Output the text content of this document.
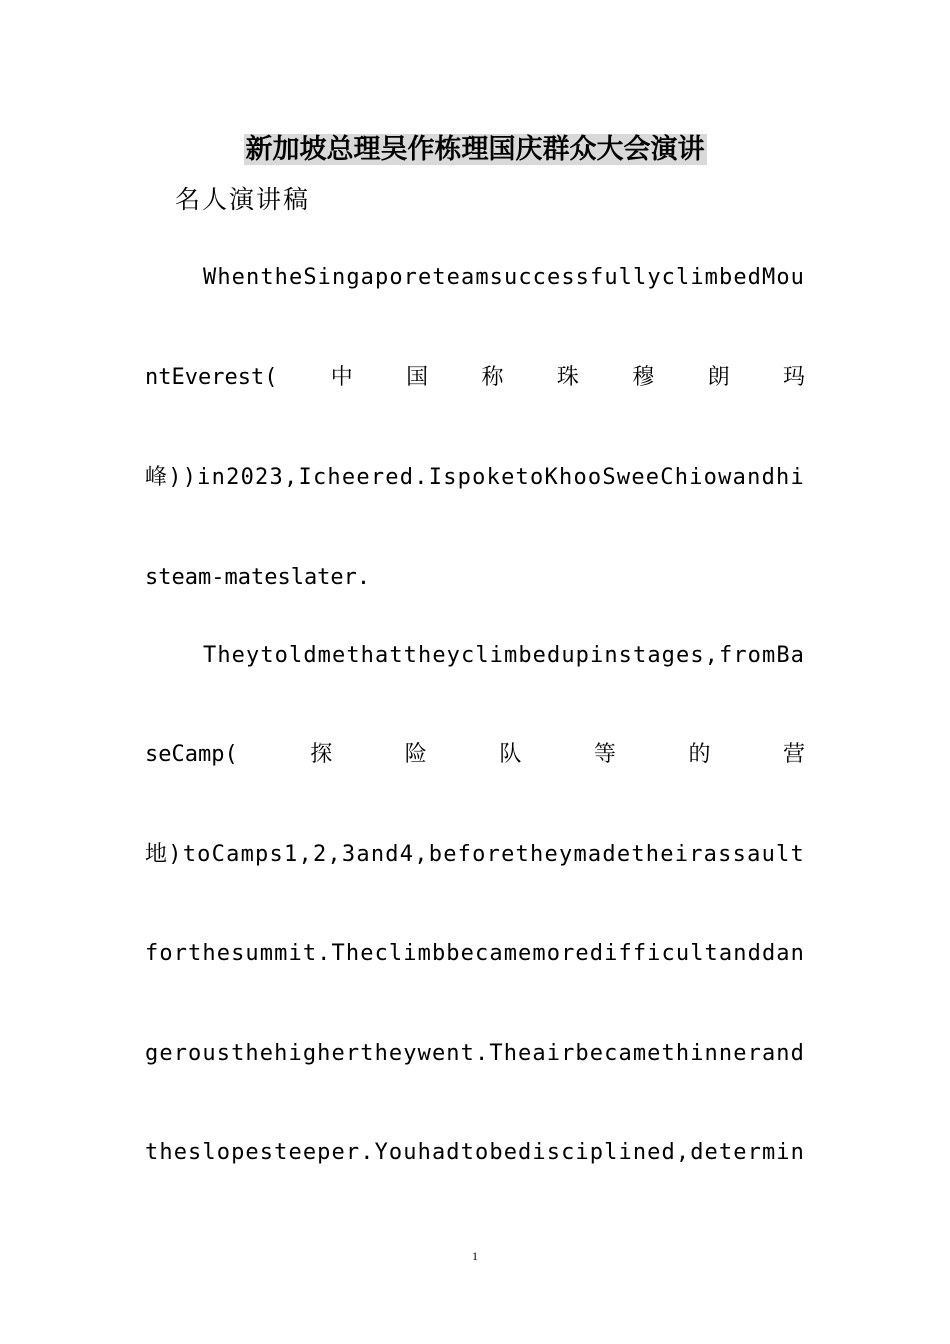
新加坡总理吴作栋理国庆群众大会演讲
名人演讲稿
WhentheSingaporeteamsuccessfullyclimbedMou
ntEverest( 中 国 称 珠 穆 朗 玛
峰))in2023,Icheered.IspoketoKhooSweeChiowandhi
steam-mateslater.
Theytoldmethattheyclimbedupinstages,fromBa
seCamp(	探	险	队	等	的	营
地)toCamps1,2,3and4,beforetheymadetheirassault
forthesummit.Theclimbbecamemoredifficultanddan
gerousthehighertheywent.Theairbecamethinnerand
theslopesteeper.Youhadtobedisciplined,determin
1
